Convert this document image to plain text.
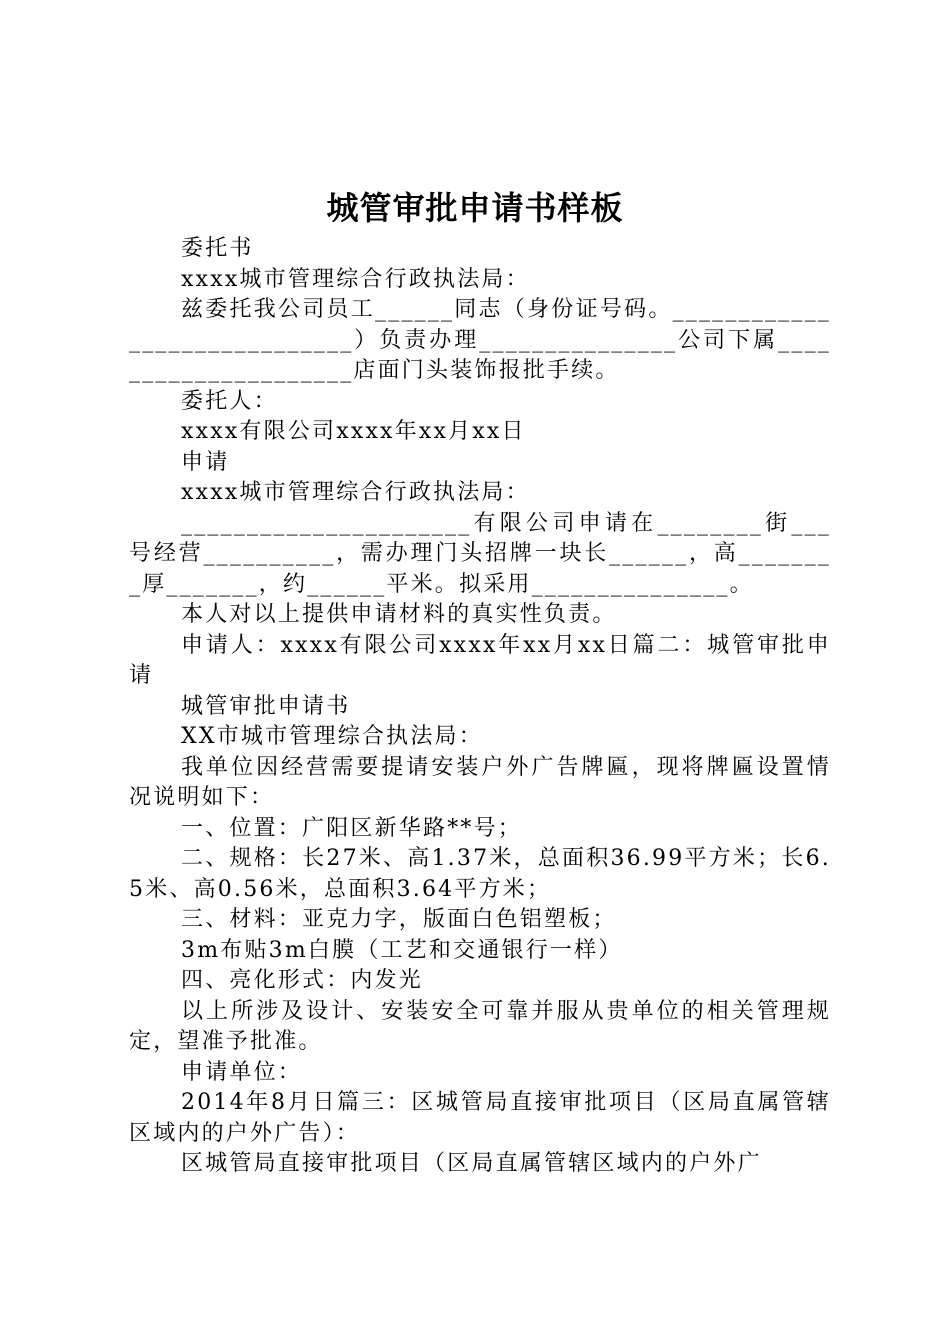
城管审批申请书样板

委托书

xxxx城市管理综合行政执法局：

兹委托我公司员工______同志（身份证号码。_____________________________）负责办理_______________公司下属_____________________店面门头装饰报批手续。

委托人：

xxxx有限公司xxxx年xx月xx日

申请

xxxx城市管理综合行政执法局：

______________________有限公司申请在________街___号经营__________，需办理门头招牌一块长______，高________厚_______，约______平米。拟采用_______________。

本人对以上提供申请材料的真实性负责。

申请人：xxxx有限公司xxxx年xx月xx日篇二：城管审批申请

城管审批申请书

XX市城市管理综合执法局：

我单位因经营需要提请安装户外广告牌匾，现将牌匾设置情况说明如下：

一、位置：广阳区新华路**号；

二、规格：长27米、高1.37米，总面积36.99平方米；长6.5米、高0.56米，总面积3.64平方米；

三、材料：亚克力字，版面白色铝塑板；

3m布贴3m白膜（工艺和交通银行一样）

四、亮化形式：内发光

以上所涉及设计、安装安全可靠并服从贵单位的相关管理规定，望准予批准。

申请单位：

2014年8月日篇三：区城管局直接审批项目（区局直属管辖区域内的户外广告）：

区城管局直接审批项目（区局直属管辖区域内的户外广
